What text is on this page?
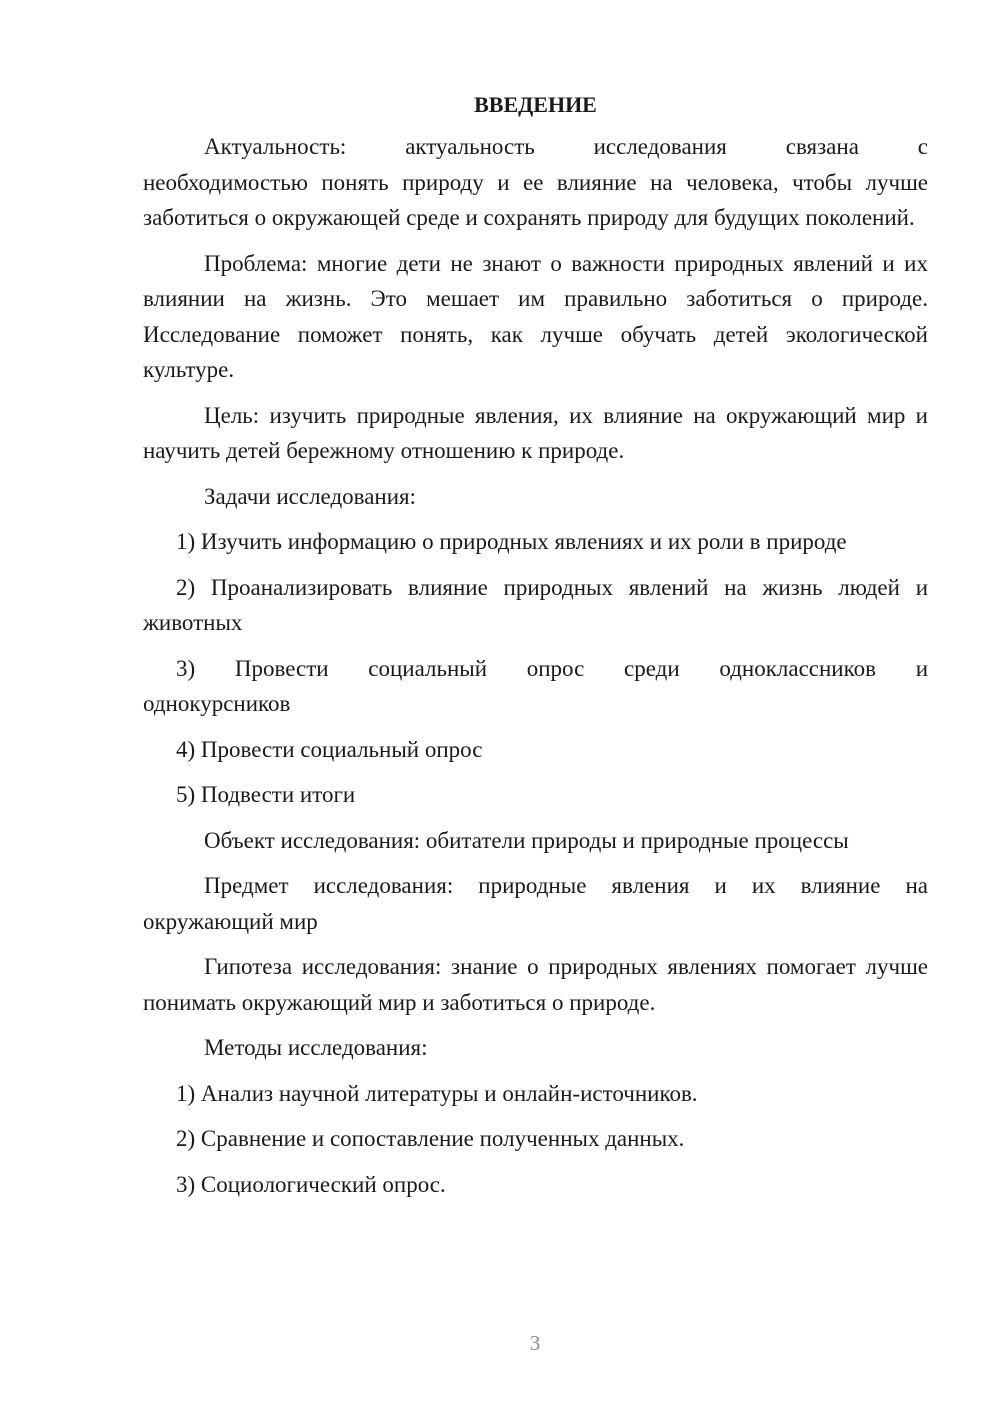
ВВЕДЕНИЕ

Актуальность: актуальность исследования связана с

необходимостью понять природу и ее влияние на человека, чтобы лучше заботиться о окружающей среде и сохранять природу для будущих поколений.

Проблема: многие дети не знают о важности природных явлений и их влиянии на жизнь. Это мешает им правильно заботиться о природе. Исследование поможет понять, как лучше обучать детей экологической культуре.

Цель: изучить природные явления, их влияние на окружающий мир и научить детей бережному отношению к природе.

Задачи исследования:

1) Изучить информацию о природных явлениях и их роли в природе

2) Проанализировать влияние природных явлений на жизнь людей и животных

3) Провести социальный опрос среди одноклассников и

однокурсников

4) Провести социальный опрос

5) Подвести итоги

Объект исследования: обитатели природы и природные процессы

Предмет исследования: природные явления и их влияние на окружающий мир

Гипотеза исследования: знание о природных явлениях помогает лучше понимать окружающий мир и заботиться о природе.

Методы исследования:

1) Анализ научной литературы и онлайн-источников.

2) Сравнение и сопоставление полученных данных.

3) Социологический опрос.

3
